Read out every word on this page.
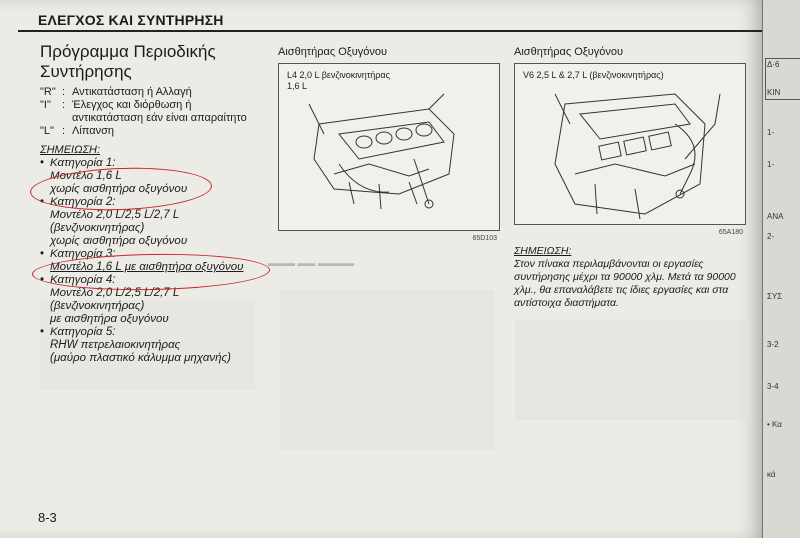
ΕΛΕΓΧΟΣ ΚΑΙ ΣΥΝΤΗΡΗΣΗ
▬▬▬ ▬▬ ▬▬▬▬
Πρόγραμμα Περιοδικής
Συντήρησης
"R" : Αντικατάσταση ή Αλλαγή
"I"	: Έλεγχος και διόρθωση ή αντικατάσταση εάν είναι απαραίτητο
"L" : Λίπανση
ΣΗΜΕΙΩΣΗ:
• Κατηγορία 1:
Μοντέλο 1,6 L
χωρίς αισθητήρα οξυγόνου
• Κατηγορία 2:
Μοντέλο 2,0 L/2,5 L/2,7 L
(βενζινοκινητήρας)
χωρίς αισθητήρα οξυγόνου
• Κατηγορία 3:
Μοντέλο 1,6 L με αισθητήρα οξυγόνου
• Κατηγορία 4:
Μοντέλο 2,0 L/2,5 L/2,7 L
(βενζινοκινητήρας)
με αισθητήρα οξυγόνου
• Κατηγορία 5:
RHW πετρελαιοκινητήρας
(μαύρο πλαστικό κάλυμμα μηχανής)
Αισθητήρας Οξυγόνου
L4 2,0 L βενζινοκινητήρας
1,6 L
65D103
Αισθητήρας Οξυγόνου
V6 2,5 L & 2,7 L (βενζινοκινητήρας)
65A180
ΣΗΜΕΙΩΣΗ:
Στον πίνακα περιλαμβάνονται οι εργασίες συντήρησης μέχρι τα 90000 χλμ. Μετά τα 90000 χλμ., θα επαναλάβετε τις ίδιες εργασίες και στα αντίστοιχα διαστήματα.
8-3
Δ·6
KIN
1-
1-
ΑΝΑ
2-
ΣΥΣ
3-2
3-4
• Κα
κά
